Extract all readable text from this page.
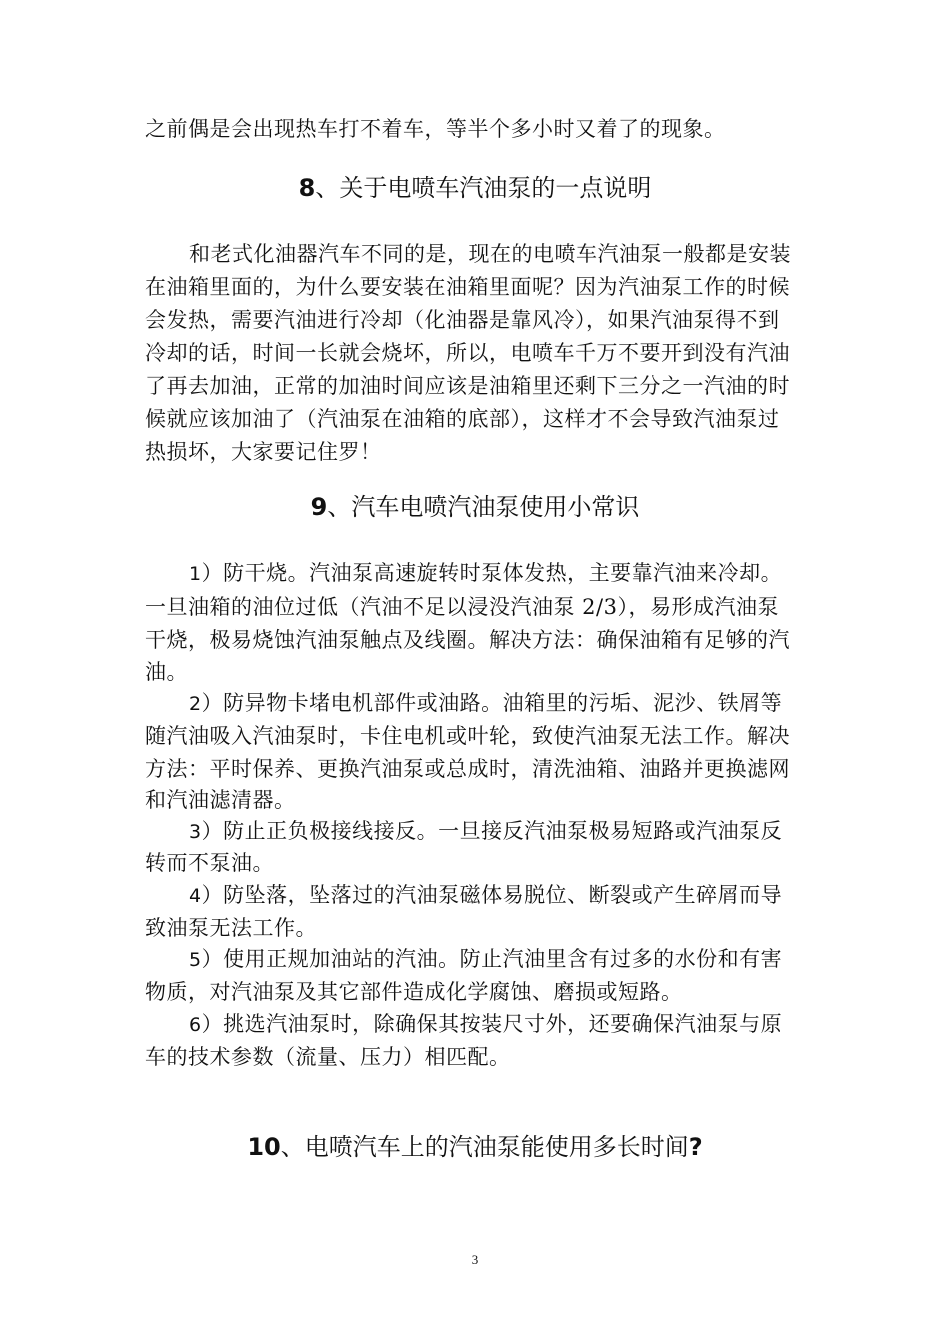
之前偶是会出现热车打不着车，等半个多小时又着了的现象。
8、关于电喷车汽油泵的一点说明
和老式化油器汽车不同的是，现在的电喷车汽油泵一般都是安装
在油箱里面的，为什么要安装在油箱里面呢？因为汽油泵工作的时候
会发热，需要汽油进行冷却（化油器是靠风冷），如果汽油泵得不到
冷却的话，时间一长就会烧坏，所以，电喷车千万不要开到没有汽油
了再去加油，正常的加油时间应该是油箱里还剩下三分之一汽油的时
候就应该加油了（汽油泵在油箱的底部），这样才不会导致汽油泵过
热损坏，大家要记住罗！
9、汽车电喷汽油泵使用小常识
1）防干烧。汽油泵高速旋转时泵体发热，主要靠汽油来冷却。
一旦油箱的油位过低（汽油不足以浸没汽油泵 2/3），易形成汽油泵
干烧，极易烧蚀汽油泵触点及线圈。解决方法：确保油箱有足够的汽
油。
2）防异物卡堵电机部件或油路。油箱里的污垢、泥沙、铁屑等
随汽油吸入汽油泵时，卡住电机或叶轮，致使汽油泵无法工作。解决
方法：平时保养、更换汽油泵或总成时，清洗油箱、油路并更换滤网
和汽油滤清器。
3）防止正负极接线接反。一旦接反汽油泵极易短路或汽油泵反
转而不泵油。
4）防坠落，坠落过的汽油泵磁体易脱位、断裂或产生碎屑而导
致油泵无法工作。
5）使用正规加油站的汽油。防止汽油里含有过多的水份和有害
物质，对汽油泵及其它部件造成化学腐蚀、磨损或短路。
6）挑选汽油泵时，除确保其按装尺寸外，还要确保汽油泵与原
车的技术参数（流量、压力）相匹配。
10、电喷汽车上的汽油泵能使用多长时间?
3
